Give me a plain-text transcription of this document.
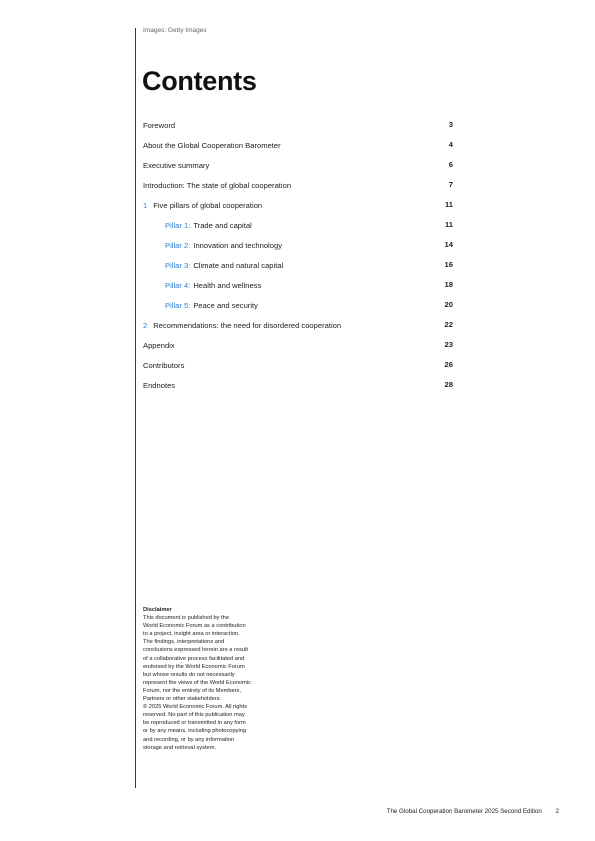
Images: Getty Images
Contents
Foreword	3
About the Global Cooperation Barometer	4
Executive summary	6
Introduction: The state of global cooperation	7
1 Five pillars of global cooperation	11
Pillar 1: Trade and capital	11
Pillar 2: Innovation and technology	14
Pillar 3: Climate and natural capital	16
Pillar 4: Health and wellness	18
Pillar 5: Peace and security	20
2 Recommendations: the need for disordered cooperation	22
Appendix	23
Contributors	26
Endnotes	28
Disclaimer
This document is published by the
World Economic Forum as a contribution
to a project, insight area or interaction.
The findings, interpretations and
conclusions expressed herein are a result
of a collaborative process facilitated and
endorsed by the World Economic Forum
but whose results do not necessarily
represent the views of the World Economic
Forum, nor the entirety of its Members,
Partners or other stakeholders.
© 2025 World Economic Forum. All rights
reserved. No part of this publication may
be reproduced or transmitted in any form
or by any means, including photocopying
and recording, or by any information
storage and retrieval system.
The Global Cooperation Barometer 2025 Second Edition 2
